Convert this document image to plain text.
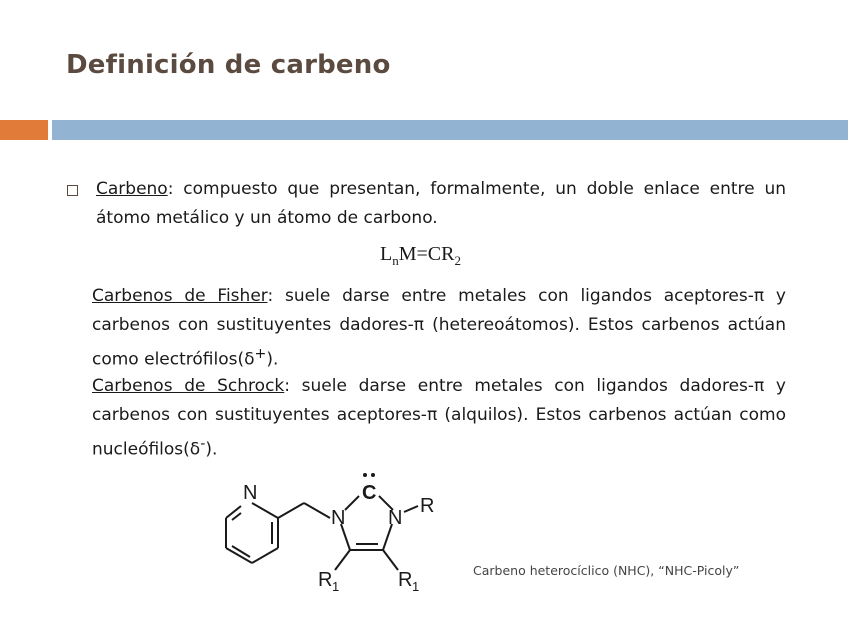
Definición de carbeno
Carbeno: compuesto que presentan, formalmente, un doble enlace entre un átomo metálico y un átomo de carbono.
$L_nM=CR_2$
Carbenos de Fisher: suele darse entre metales con ligandos aceptores-π y carbenos con sustituyentes dadores-π (hetereoátomos). Estos carbenos actúan como electrófilos(δ+).
Carbenos de Schrock: suele darse entre metales con ligandos dadores-π y carbenos con sustituyentes aceptores-π (alquilos). Estos carbenos actúan como nucleófilos(δ-).
N
N
C
N
R
R 1	R 1
Carbeno heterocíclico (NHC), “NHC-Picoly”
